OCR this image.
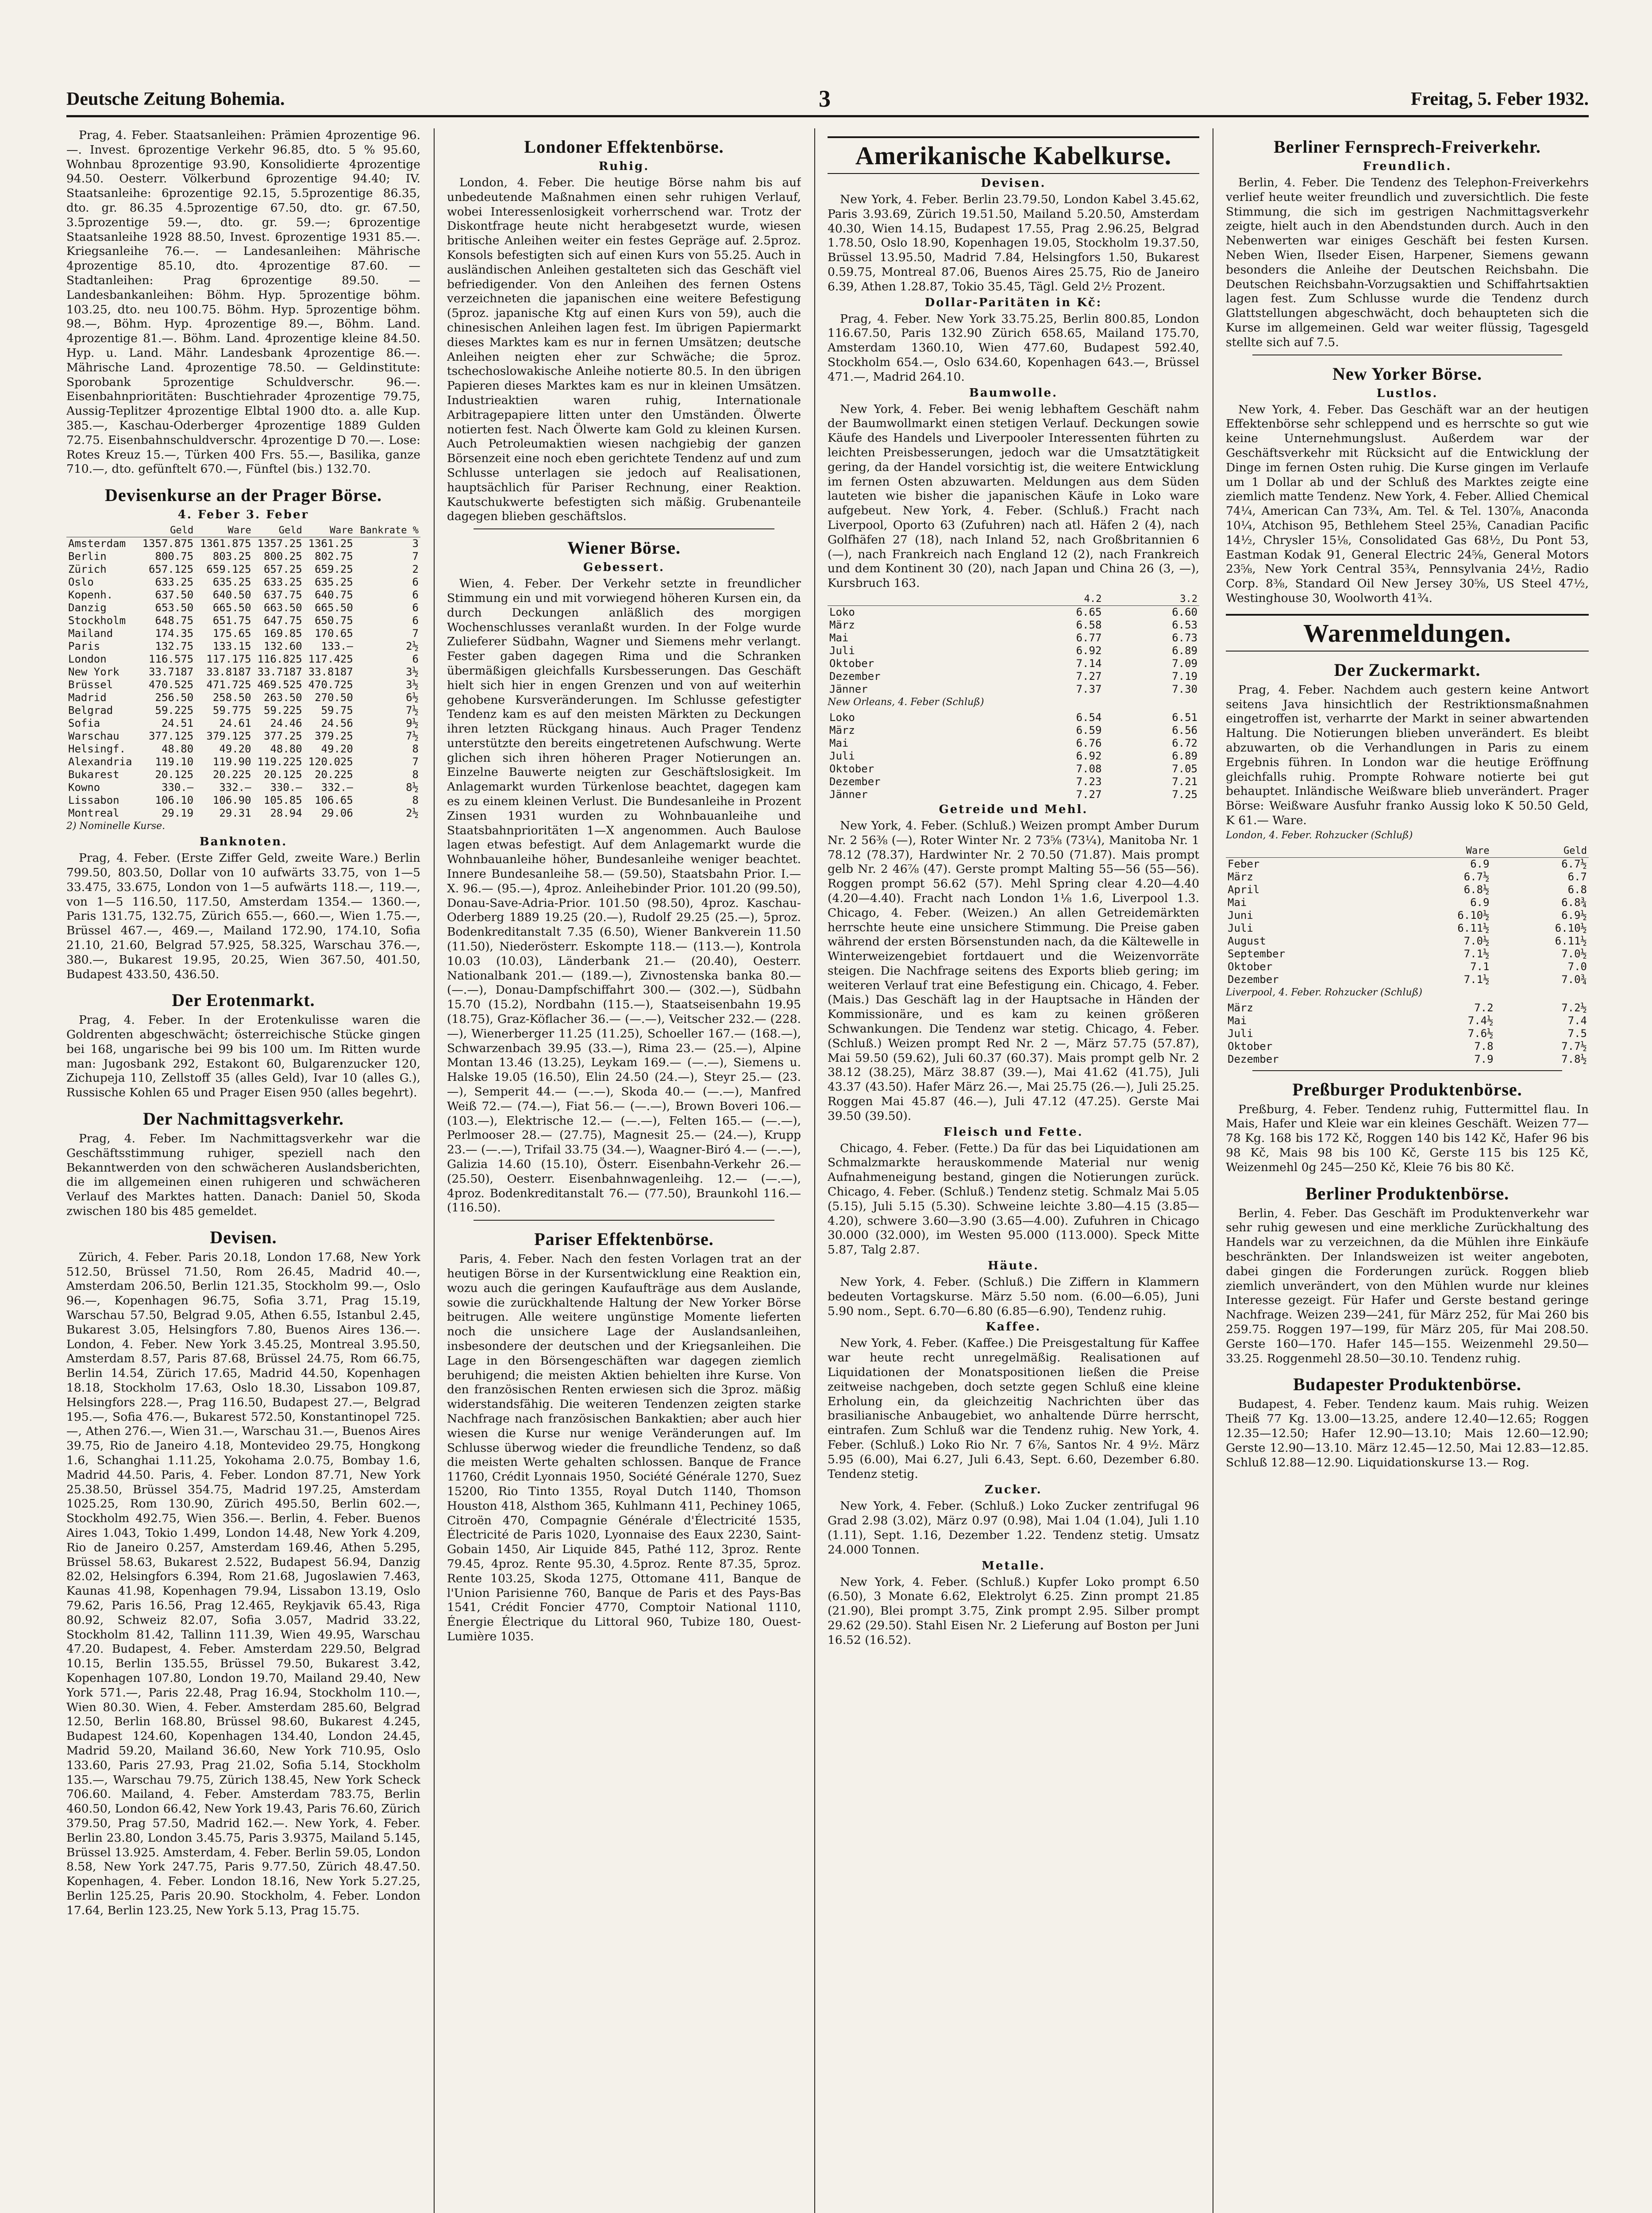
Deutsche Zeitung Bohemia.	3	Freitag, 5. Feber 1932.

Prag, 4. Feber. Staatsanleihen: Prämien 4prozentige 96.—. Invest. 6prozentige Verkehr 96.85, dto. 5 % 95.60, Wohnbau 8prozentige 93.90, Konsolidierte 4prozentige 94.50. Oesterr. Völkerbund 6prozentige 94.40; IV. Staatsanleihe: 6prozentige 92.15, 5.5prozentige 86.35, dto. gr. 86.35 4.5prozentige 67.50, dto. gr. 67.50, 3.5prozentige 59.—, dto. gr. 59.—; 6prozentige Staatsanleihe 1928 88.50, Invest. 6prozentige 1931 85.—. Kriegsanleihe 76.—. — Landesanleihen: Mährische 4prozentige 85.10, dto. 4prozentige 87.60. — Stadtanleihen: Prag 6prozentige 89.50. — Landesbankanleihen: Böhm. Hyp. 5prozentige böhm. 103.25, dto. neu 100.75. Böhm. Hyp. 5prozentige böhm. 98.—, Böhm. Hyp. 4prozentige 89.—, Böhm. Land. 4prozentige 81.—. Böhm. Land. 4prozentige kleine 84.50. Hyp. u. Land. Mähr. Landesbank 4prozentige 86.—. Mährische Land. 4prozentige 78.50. — Geldinstitute: Sporobank 5prozentige Schuldverschr. 96.—. Eisenbahnprioritäten: Buschtiehrader 4prozentige 79.75, Aussig-Teplitzer 4prozentige Elbtal 1900 dto. a. alle Kup. 385.—, Kaschau-Oderberger 4prozentige 1889 Gulden 72.75. Eisenbahnschuldverschr. 4prozentige D 70.—. Lose: Rotes Kreuz 15.—, Türken 400 Frs. 55.—, Basilika, ganze 710.—, dto. gefünftelt 670.—, Fünftel (bis.) 132.70.

Devisenkurse an der Prager Börse.
4. Feber 3. Feber
	Geld	Ware	Geld	Ware	Bankrate %
Amsterdam	1357.875	1361.875	1357.25	1361.25	3
Berlin	800.75	803.25	800.25	802.75	7
Zürich	657.125	659.125	657.25	659.25	2
Oslo	633.25	635.25	633.25	635.25	6
Kopenh.	637.50	640.50	637.75	640.75	6
Danzig	653.50	665.50	663.50	665.50	6
Stockholm	648.75	651.75	647.75	650.75	6
Mailand	174.35	175.65	169.85	170.65	7
Paris	132.75	133.15	132.60	133.—	2½
London	116.575	117.175	116.825	117.425	6
New York	33.7187	33.8187	33.7187	33.8187	3½
Brüssel	470.525	471.725	469.525	470.725	3½
Madrid	256.50	258.50	263.50	270.50	6½
Belgrad	59.225	59.775	59.225	59.75	7½
Sofia	24.51	24.61	24.46	24.56	9½
Warschau	377.125	379.125	377.25	379.25	7½
Helsingf.	48.80	49.20	48.80	49.20	8
Alexandria	119.10	119.90	119.225	120.025	7
Bukarest	20.125	20.225	20.125	20.225	8
Kowno	330.—	332.—	330.—	332.—	8½
Lissabon	106.10	106.90	105.85	106.65	8
Montreal	29.19	29.31	28.94	29.06	2½
2) Nominelle Kurse.
Banknoten.

Prag, 4. Feber. (Erste Ziffer Geld, zweite Ware.) Berlin 799.50, 803.50, Dollar von 10 aufwärts 33.75, von 1—5 33.475, 33.675, London von 1—5 aufwärts 118.—, 119.—, von 1—5 116.50, 117.50, Amsterdam 1354.— 1360.—, Paris 131.75, 132.75, Zürich 655.—, 660.—, Wien 1.75.—, Brüssel 467.—, 469.—, Mailand 172.90, 174.10, Sofia 21.10, 21.60, Belgrad 57.925, 58.325, Warschau 376.—, 380.—, Bukarest 19.95, 20.25, Wien 367.50, 401.50, Budapest 433.50, 436.50.

Der Erotenmarkt.

Prag, 4. Feber. In der Erotenkulisse waren die Goldrenten abgeschwächt; österreichische Stücke gingen bei 168, ungarische bei 99 bis 100 um. Im Ritten wurde man: Jugosbank 292, Estakont 60, Bulgarenzucker 120, Zichupeja 110, Zellstoff 35 (alles Geld), Ivar 10 (alles G.), Russische Kohlen 65 und Prager Eisen 950 (alles begehrt).

Der Nachmittagsverkehr.

Prag, 4. Feber. Im Nachmittagsverkehr war die Geschäftsstimmung ruhiger, speziell nach den Bekanntwerden von den schwächeren Auslandsberichten, die im allgemeinen einen ruhigeren und schwächeren Verlauf des Marktes hatten. Danach: Daniel 50, Skoda zwischen 180 bis 485 gemeldet.

Devisen.

Zürich, 4. Feber. Paris 20.18, London 17.68, New York 512.50, Brüssel 71.50, Rom 26.45, Madrid 40.—, Amsterdam 206.50, Berlin 121.35, Stockholm 99.—, Oslo 96.—, Kopenhagen 96.75, Sofia 3.71, Prag 15.19, Warschau 57.50, Belgrad 9.05, Athen 6.55, Istanbul 2.45, Bukarest 3.05, Helsingfors 7.80, Buenos Aires 136.—. London, 4. Feber. New York 3.45.25, Montreal 3.95.50, Amsterdam 8.57, Paris 87.68, Brüssel 24.75, Rom 66.75, Berlin 14.54, Zürich 17.65, Madrid 44.50, Kopenhagen 18.18, Stockholm 17.63, Oslo 18.30, Lissabon 109.87, Helsingfors 228.—, Prag 116.50, Budapest 27.—, Belgrad 195.—, Sofia 476.—, Bukarest 572.50, Konstantinopel 725.—, Athen 276.—, Wien 31.—, Warschau 31.—, Buenos Aires 39.75, Rio de Janeiro 4.18, Montevideo 29.75, Hongkong 1.6, Schanghai 1.11.25, Yokohama 2.0.75, Bombay 1.6, Madrid 44.50. Paris, 4. Feber. London 87.71, New York 25.38.50, Brüssel 354.75, Madrid 197.25, Amsterdam 1025.25, Rom 130.90, Zürich 495.50, Berlin 602.—, Stockholm 492.75, Wien 356.—. Berlin, 4. Feber. Buenos Aires 1.043, Tokio 1.499, London 14.48, New York 4.209, Rio de Janeiro 0.257, Amsterdam 169.46, Athen 5.295, Brüssel 58.63, Bukarest 2.522, Budapest 56.94, Danzig 82.02, Helsingfors 6.394, Rom 21.68, Jugoslawien 7.463, Kaunas 41.98, Kopenhagen 79.94, Lissabon 13.19, Oslo 79.62, Paris 16.56, Prag 12.465, Reykjavik 65.43, Riga 80.92, Schweiz 82.07, Sofia 3.057, Madrid 33.22, Stockholm 81.42, Tallinn 111.39, Wien 49.95, Warschau 47.20. Budapest, 4. Feber. Amsterdam 229.50, Belgrad 10.15, Berlin 135.55, Brüssel 79.50, Bukarest 3.42, Kopenhagen 107.80, London 19.70, Mailand 29.40, New York 571.—, Paris 22.48, Prag 16.94, Stockholm 110.—, Wien 80.30. Wien, 4. Feber. Amsterdam 285.60, Belgrad 12.50, Berlin 168.80, Brüssel 98.60, Bukarest 4.245, Budapest 124.60, Kopenhagen 134.40, London 24.45, Madrid 59.20, Mailand 36.60, New York 710.95, Oslo 133.60, Paris 27.93, Prag 21.02, Sofia 5.14, Stockholm 135.—, Warschau 79.75, Zürich 138.45, New York Scheck 706.60. Mailand, 4. Feber. Amsterdam 783.75, Berlin 460.50, London 66.42, New York 19.43, Paris 76.60, Zürich 379.50, Prag 57.50, Madrid 162.—. New York, 4. Feber. Berlin 23.80, London 3.45.75, Paris 3.9375, Mailand 5.145, Brüssel 13.925. Amsterdam, 4. Feber. Berlin 59.05, London 8.58, New York 247.75, Paris 9.77.50, Zürich 48.47.50. Kopenhagen, 4. Feber. London 18.16, New York 5.27.25, Berlin 125.25, Paris 20.90. Stockholm, 4. Feber. London 17.64, Berlin 123.25, New York 5.13, Prag 15.75.

Londoner Effektenbörse.
Ruhig.

London, 4. Feber. Die heutige Börse nahm bis auf unbedeutende Maßnahmen einen sehr ruhigen Verlauf, wobei Interessenlosigkeit vorherrschend war. Trotz der Diskontfrage heute nicht herabgesetzt wurde, wiesen britische Anleihen weiter ein festes Gepräge auf. 2.5proz. Konsols befestigten sich auf einen Kurs von 55.25. Auch in ausländischen Anleihen gestalteten sich das Geschäft viel befriedigender. Von den Anleihen des fernen Ostens verzeichneten die japanischen eine weitere Befestigung (5proz. japanische Ktg auf einen Kurs von 59), auch die chinesischen Anleihen lagen fest. Im übrigen Papiermarkt dieses Marktes kam es nur in fernen Umsätzen; deutsche Anleihen neigten eher zur Schwäche; die 5proz. tschechoslowakische Anleihe notierte 80.5. In den übrigen Papieren dieses Marktes kam es nur in kleinen Umsätzen. Industrieaktien waren ruhig, Internationale Arbitragepapiere litten unter den Umständen. Ölwerte notierten fest. Nach Ölwerte kam Gold zu kleinen Kursen. Auch Petroleumaktien wiesen nachgiebig der ganzen Börsenzeit eine noch eben gerichtete Tendenz auf und zum Schlusse unterlagen sie jedoch auf Realisationen, hauptsächlich für Pariser Rechnung, einer Reaktion. Kautschukwerte befestigten sich mäßig. Grubenanteile dagegen blieben geschäftslos.

Wiener Börse.
Gebessert.

Wien, 4. Feber. Der Verkehr setzte in freundlicher Stimmung ein und mit vorwiegend höheren Kursen ein, da durch Deckungen anläßlich des morgigen Wochenschlusses veranlaßt wurden. In der Folge wurde Zulieferer Südbahn, Wagner und Siemens mehr verlangt. Fester gaben dagegen Rima und die Schranken übermäßigen gleichfalls Kursbesserungen. Das Geschäft hielt sich hier in engen Grenzen und von auf weiterhin gehobene Kursveränderungen. Im Schlusse gefestigter Tendenz kam es auf den meisten Märkten zu Deckungen ihren letzten Rückgang hinaus. Auch Prager Tendenz unterstützte den bereits eingetretenen Aufschwung. Werte glichen sich ihren höheren Prager Notierungen an. Einzelne Bauwerte neigten zur Geschäftslosigkeit. Im Anlagemarkt wurden Türkenlose beachtet, dagegen kam es zu einem kleinen Verlust. Die Bundesanleihe in Prozent Zinsen 1931 wurden zu Wohnbauanleihe und Staatsbahnprioritäten 1—X angenommen. Auch Baulose lagen etwas befestigt. Auf dem Anlagemarkt wurde die Wohnbauanleihe höher, Bundesanleihe weniger beachtet. Innere Bundesanleihe 58.— (59.50), Staatsbahn Prior. I.—X. 96.— (95.—), 4proz. Anleihebinder Prior. 101.20 (99.50), Donau-Save-Adria-Prior. 101.50 (98.50), 4proz. Kaschau-Oderberg 1889 19.25 (20.—), Rudolf 29.25 (25.—), 5proz. Bodenkreditanstalt 7.35 (6.50), Wiener Bankverein 11.50 (11.50), Niederösterr. Eskompte 118.— (113.—), Kontrola 10.03 (10.03), Länderbank 21.— (20.40), Oesterr. Nationalbank 201.— (189.—), Zivnostenska banka 80.— (—.—), Donau-Dampfschiffahrt 300.— (302.—), Südbahn 15.70 (15.2), Nordbahn (115.—), Staatseisenbahn 19.95 (18.75), Graz-Köflacher 36.— (—.—), Veitscher 232.— (228.—), Wienerberger 11.25 (11.25), Schoeller 167.— (168.—), Schwarzenbach 39.95 (33.—), Rima 23.— (25.—), Alpine Montan 13.46 (13.25), Leykam 169.— (—.—), Siemens u. Halske 19.05 (16.50), Elin 24.50 (24.—), Steyr 25.— (23.—), Semperit 44.— (—.—), Skoda 40.— (—.—), Manfred Weiß 72.— (74.—), Fiat 56.— (—.—), Brown Boveri 106.— (103.—), Elektrische 12.— (—.—), Felten 165.— (—.—), Perlmooser 28.— (27.75), Magnesit 25.— (24.—), Krupp 23.— (—.—), Trifail 33.75 (34.—), Waagner-Biró 4.— (—.—), Galizia 14.60 (15.10), Österr. Eisenbahn-Verkehr 26.— (25.50), Oesterr. Eisenbahnwagenleihg. 12.— (—.—), 4proz. Bodenkreditanstalt 76.— (77.50), Braunkohl 116.— (116.50).

Pariser Effektenbörse.

Paris, 4. Feber. Nach den festen Vorlagen trat an der heutigen Börse in der Kursentwicklung eine Reaktion ein, wozu auch die geringen Kaufaufträge aus dem Auslande, sowie die zurückhaltende Haltung der New Yorker Börse beitrugen. Alle weitere ungünstige Momente lieferten noch die unsichere Lage der Auslandsanleihen, insbesondere der deutschen und der Kriegsanleihen. Die Lage in den Börsengeschäften war dagegen ziemlich beruhigend; die meisten Aktien behielten ihre Kurse. Von den französischen Renten erwiesen sich die 3proz. mäßig widerstandsfähig. Die weiteren Tendenzen zeigten starke Nachfrage nach französischen Bankaktien; aber auch hier wiesen die Kurse nur wenige Veränderungen auf. Im Schlusse überwog wieder die freundliche Tendenz, so daß die meisten Werte gehalten schlossen. Banque de France 11760, Crédit Lyonnais 1950, Société Générale 1270, Suez 15200, Rio Tinto 1355, Royal Dutch 1140, Thomson Houston 418, Alsthom 365, Kuhlmann 411, Pechiney 1065, Citroën 470, Compagnie Générale d'Électricité 1535, Électricité de Paris 1020, Lyonnaise des Eaux 2230, Saint-Gobain 1450, Air Liquide 845, Pathé 112, 3proz. Rente 79.45, 4proz. Rente 95.30, 4.5proz. Rente 87.35, 5proz. Rente 103.25, Skoda 1275, Ottomane 411, Banque de l'Union Parisienne 760, Banque de Paris et des Pays-Bas 1541, Crédit Foncier 4770, Comptoir National 1110, Énergie Électrique du Littoral 960, Tubize 180, Ouest-Lumière 1035.

Amerikanische Kabelkurse.
Devisen.

New York, 4. Feber. Berlin 23.79.50, London Kabel 3.45.62, Paris 3.93.69, Zürich 19.51.50, Mailand 5.20.50, Amsterdam 40.30, Wien 14.15, Budapest 17.55, Prag 2.96.25, Belgrad 1.78.50, Oslo 18.90, Kopenhagen 19.05, Stockholm 19.37.50, Brüssel 13.95.50, Madrid 7.84, Helsingfors 1.50, Bukarest 0.59.75, Montreal 87.06, Buenos Aires 25.75, Rio de Janeiro 6.39, Athen 1.28.87, Tokio 35.45, Tägl. Geld 2½ Prozent.

Dollar-Paritäten in Kč:

Prag, 4. Feber. New York 33.75.25, Berlin 800.85, London 116.67.50, Paris 132.90 Zürich 658.65, Mailand 175.70, Amsterdam 1360.10, Wien 477.60, Budapest 592.40, Stockholm 654.—, Oslo 634.60, Kopenhagen 643.—, Brüssel 471.—, Madrid 264.10.

Baumwolle.

New York, 4. Feber. Bei wenig lebhaftem Geschäft nahm der Baumwollmarkt einen stetigen Verlauf. Deckungen sowie Käufe des Handels und Liverpooler Interessenten führten zu leichten Preisbesserungen, jedoch war die Umsatztätigkeit gering, da der Handel vorsichtig ist, die weitere Entwicklung im fernen Osten abzuwarten. Meldungen aus dem Süden lauteten wie bisher die japanischen Käufe in Loko ware aufgebeut. New York, 4. Feber. (Schluß.) Fracht nach Liverpool, Oporto 63 (Zufuhren) nach atl. Häfen 2 (4), nach Golfhäfen 27 (18), nach Inland 52, nach Großbritannien 6 (—), nach Frankreich nach England 12 (2), nach Frankreich und dem Kontinent 30 (20), nach Japan und China 26 (3, —), Kursbruch 163.

	4.2	3.2
Loko	6.65	6.60
März	6.58	6.53
Mai	6.77	6.73
Juli	6.92	6.89
Oktober	7.14	7.09
Dezember	7.27	7.19
Jänner	7.37	7.30
New Orleans, 4. Feber (Schluß)
Loko	6.54	6.51
März	6.59	6.56
Mai	6.76	6.72
Juli	6.92	6.89
Oktober	7.08	7.05
Dezember	7.23	7.21
Jänner	7.27	7.25
Getreide und Mehl.

New York, 4. Feber. (Schluß.) Weizen prompt Amber Durum Nr. 2 56⅜ (—), Roter Winter Nr. 2 73⅝ (73¼), Manitoba Nr. 1 78.12 (78.37), Hardwinter Nr. 2 70.50 (71.87). Mais prompt gelb Nr. 2 46⅞ (47). Gerste prompt Malting 55—56 (55—56). Roggen prompt 56.62 (57). Mehl Spring clear 4.20—4.40 (4.20—4.40). Fracht nach London 1⅛ 1.6, Liverpool 1.3. Chicago, 4. Feber. (Weizen.) An allen Getreidemärkten herrschte heute eine unsichere Stimmung. Die Preise gaben während der ersten Börsenstunden nach, da die Kältewelle in Winterweizengebiet fortdauert und die Weizenvorräte steigen. Die Nachfrage seitens des Exports blieb gering; im weiteren Verlauf trat eine Befestigung ein. Chicago, 4. Feber. (Mais.) Das Geschäft lag in der Hauptsache in Händen der Kommissionäre, und es kam zu keinen größeren Schwankungen. Die Tendenz war stetig. Chicago, 4. Feber. (Schluß.) Weizen prompt Red Nr. 2 —, März 57.75 (57.87), Mai 59.50 (59.62), Juli 60.37 (60.37). Mais prompt gelb Nr. 2 38.12 (38.25), März 38.87 (39.—), Mai 41.62 (41.75), Juli 43.37 (43.50). Hafer März 26.—, Mai 25.75 (26.—), Juli 25.25. Roggen Mai 45.87 (46.—), Juli 47.12 (47.25). Gerste Mai 39.50 (39.50).

Fleisch und Fette.

Chicago, 4. Feber. (Fette.) Da für das bei Liquidationen am Schmalzmarkte herauskommende Material nur wenig Aufnahmeneigung bestand, gingen die Notierungen zurück. Chicago, 4. Feber. (Schluß.) Tendenz stetig. Schmalz Mai 5.05 (5.15), Juli 5.15 (5.30). Schweine leichte 3.80—4.15 (3.85—4.20), schwere 3.60—3.90 (3.65—4.00). Zufuhren in Chicago 30.000 (32.000), im Westen 95.000 (113.000). Speck Mitte 5.87, Talg 2.87.

Häute.

New York, 4. Feber. (Schluß.) Die Ziffern in Klammern bedeuten Vortagskurse. März 5.50 nom. (6.00—6.05), Juni 5.90 nom., Sept. 6.70—6.80 (6.85—6.90), Tendenz ruhig.

Kaffee.

New York, 4. Feber. (Kaffee.) Die Preisgestaltung für Kaffee war heute recht unregelmäßig. Realisationen auf Liquidationen der Monatspositionen ließen die Preise zeitweise nachgeben, doch setzte gegen Schluß eine kleine Erholung ein, da gleichzeitig Nachrichten über das brasilianische Anbaugebiet, wo anhaltende Dürre herrscht, eintrafen. Zum Schluß war die Tendenz ruhig. New York, 4. Feber. (Schluß.) Loko Rio Nr. 7 6⅞, Santos Nr. 4 9½. März 5.95 (6.00), Mai 6.27, Juli 6.43, Sept. 6.60, Dezember 6.80. Tendenz stetig.

Zucker.

New York, 4. Feber. (Schluß.) Loko Zucker zentrifugal 96 Grad 2.98 (3.02), März 0.97 (0.98), Mai 1.04 (1.04), Juli 1.10 (1.11), Sept. 1.16, Dezember 1.22. Tendenz stetig. Umsatz 24.000 Tonnen.

Metalle.

New York, 4. Feber. (Schluß.) Kupfer Loko prompt 6.50 (6.50), 3 Monate 6.62, Elektrolyt 6.25. Zinn prompt 21.85 (21.90), Blei prompt 3.75, Zink prompt 2.95. Silber prompt 29.62 (29.50). Stahl Eisen Nr. 2 Lieferung auf Boston per Juni 16.52 (16.52).

Berliner Fernsprech-Freiverkehr.
Freundlich.

Berlin, 4. Feber. Die Tendenz des Telephon-Freiverkehrs verlief heute weiter freundlich und zuversichtlich. Die feste Stimmung, die sich im gestrigen Nachmittagsverkehr zeigte, hielt auch in den Abendstunden durch. Auch in den Nebenwerten war einiges Geschäft bei festen Kursen. Neben Wien, Ilseder Eisen, Harpener, Siemens gewann besonders die Anleihe der Deutschen Reichsbahn. Die Deutschen Reichsbahn-Vorzugsaktien und Schiffahrtsaktien lagen fest. Zum Schlusse wurde die Tendenz durch Glattstellungen abgeschwächt, doch behaupteten sich die Kurse im allgemeinen. Geld war weiter flüssig, Tagesgeld stellte sich auf 7.5.

New Yorker Börse.
Lustlos.

New York, 4. Feber. Das Geschäft war an der heutigen Effektenbörse sehr schleppend und es herrschte so gut wie keine Unternehmungslust. Außerdem war der Geschäftsverkehr mit Rücksicht auf die Entwicklung der Dinge im fernen Osten ruhig. Die Kurse gingen im Verlaufe um 1 Dollar ab und der Schluß des Marktes zeigte eine ziemlich matte Tendenz. New York, 4. Feber. Allied Chemical 74¼, American Can 73¾, Am. Tel. & Tel. 130⅞, Anaconda 10¼, Atchison 95, Bethlehem Steel 25⅜, Canadian Pacific 14½, Chrysler 15⅛, Consolidated Gas 68½, Du Pont 53, Eastman Kodak 91, General Electric 24⅝, General Motors 23⅝, New York Central 35¾, Pennsylvania 24½, Radio Corp. 8⅜, Standard Oil New Jersey 30⅝, US Steel 47½, Westinghouse 30, Woolworth 41¾.

Warenmeldungen.
Der Zuckermarkt.

Prag, 4. Feber. Nachdem auch gestern keine Antwort seitens Java hinsichtlich der Restriktionsmaßnahmen eingetroffen ist, verharrte der Markt in seiner abwartenden Haltung. Die Notierungen blieben unverändert. Es bleibt abzuwarten, ob die Verhandlungen in Paris zu einem Ergebnis führen. In London war die heutige Eröffnung gleichfalls ruhig. Prompte Rohware notierte bei gut behauptet. Inländische Weißware blieb unverändert. Prager Börse: Weißware Ausfuhr franko Aussig loko K 50.50 Geld, K 61.— Ware.

London, 4. Feber. Rohzucker (Schluß)
	Ware	Geld
Feber	6.9	6.7½
März	6.7½	6.7
April	6.8½	6.8
Mai	6.9	6.8¾
Juni	6.10½	6.9½
Juli	6.11½	6.10½
August	7.0½	6.11½
September	7.1½	7.0½
Oktober	7.1	7.0
Dezember	7.1½	7.0¾
Liverpool, 4. Feber. Rohzucker (Schluß)
März	7.2	7.2½
Mai	7.4½	7.4
Juli	7.6½	7.5
Oktober	7.8	7.7½
Dezember	7.9	7.8½
Preßburger Produktenbörse.

Preßburg, 4. Feber. Tendenz ruhig, Futtermittel flau. In Mais, Hafer und Kleie war ein kleines Geschäft. Weizen 77—78 Kg. 168 bis 172 Kč, Roggen 140 bis 142 Kč, Hafer 96 bis 98 Kč, Mais 98 bis 100 Kč, Gerste 115 bis 125 Kč, Weizenmehl 0g 245—250 Kč, Kleie 76 bis 80 Kč.

Berliner Produktenbörse.

Berlin, 4. Feber. Das Geschäft im Produktenverkehr war sehr ruhig gewesen und eine merkliche Zurückhaltung des Handels war zu verzeichnen, da die Mühlen ihre Einkäufe beschränkten. Der Inlandsweizen ist weiter angeboten, dabei gingen die Forderungen zurück. Roggen blieb ziemlich unverändert, von den Mühlen wurde nur kleines Interesse gezeigt. Für Hafer und Gerste bestand geringe Nachfrage. Weizen 239—241, für März 252, für Mai 260 bis 259.75. Roggen 197—199, für März 205, für Mai 208.50. Gerste 160—170. Hafer 145—155. Weizenmehl 29.50—33.25. Roggenmehl 28.50—30.10. Tendenz ruhig.

Budapester Produktenbörse.

Budapest, 4. Feber. Tendenz kaum. Mais ruhig. Weizen Theiß 77 Kg. 13.00—13.25, andere 12.40—12.65; Roggen 12.35—12.50; Hafer 12.90—13.10; Mais 12.60—12.90; Gerste 12.90—13.10. März 12.45—12.50, Mai 12.83—12.85. Schluß 12.88—12.90. Liquidationskurse 13.— Rog.
